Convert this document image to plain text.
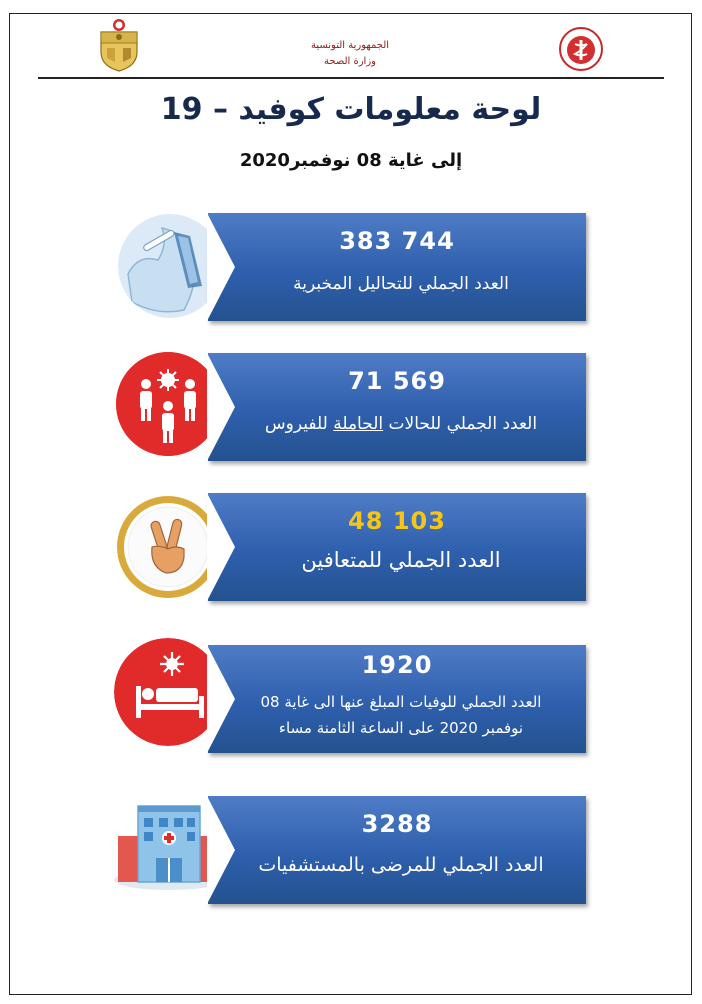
الجمهورية التونسية
وزارة الصحة
لوحة معلومات كوفيد – 19
إلى غاية 08 نوفمبر2020
383 744
العدد الجملي للتحاليل المخبرية
71 569
العدد الجملي للحالات الحاملة للفيروس
48 103
العدد الجملي للمتعافين
1920
العدد الجملي للوفيات المبلغ عنها الى غاية 08
نوفمبر 2020 على الساعة الثامنة مساء
3288
العدد الجملي للمرضى بالمستشفيات
